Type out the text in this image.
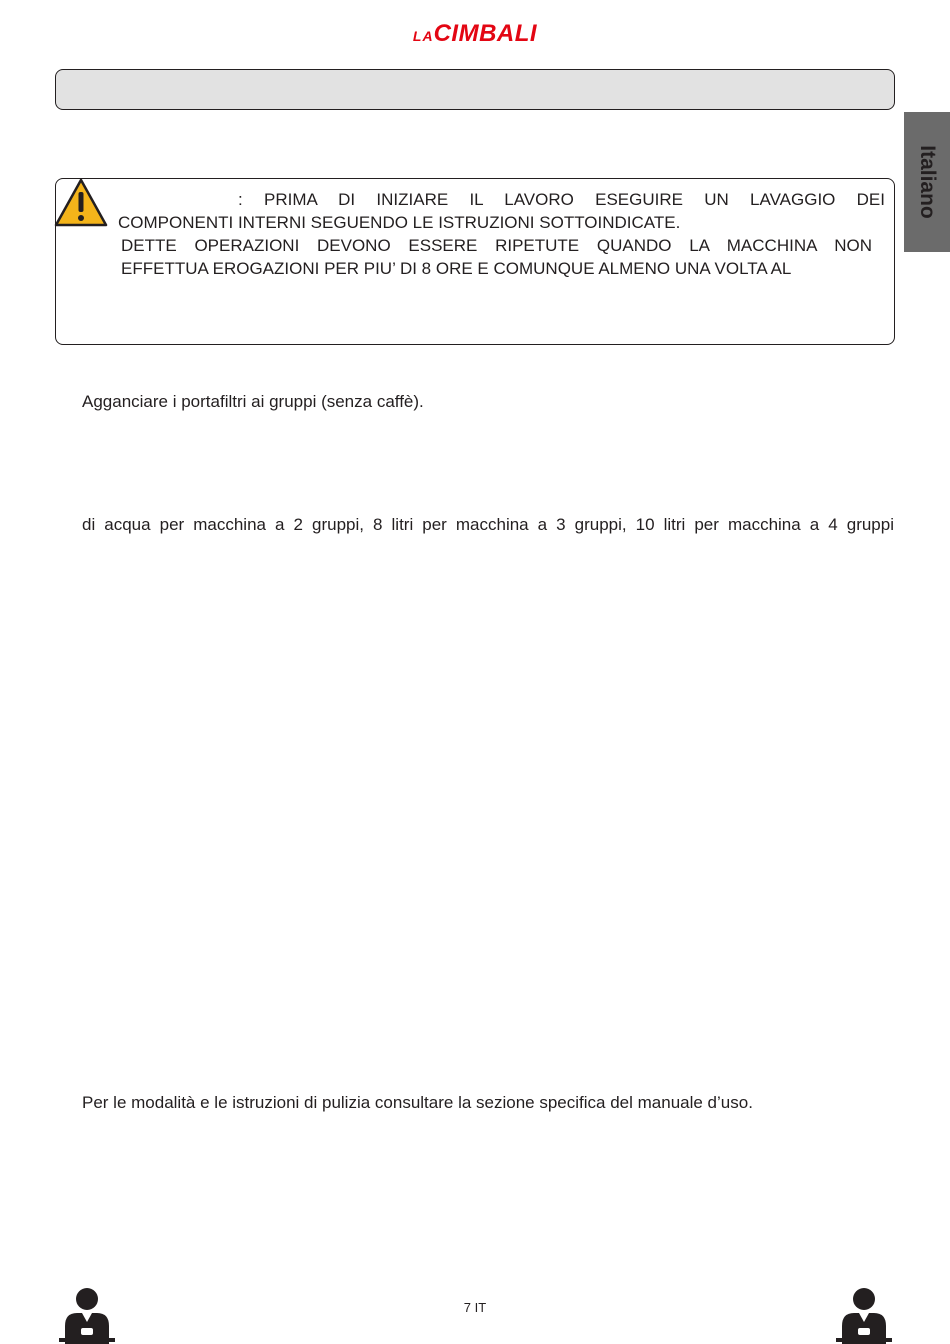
LACIMBALI
Italiano
: PRIMA DI INIZIARE IL LAVORO ESEGUIRE UN LAVAGGIO DEI
COMPONENTI INTERNI SEGUENDO LE ISTRUZIONI SOTTOINDICATE.
DETTE OPERAZIONI DEVONO ESSERE RIPETUTE QUANDO LA MACCHINA NON
EFFETTUA EROGAZIONI PER PIU’ DI 8 ORE E COMUNQUE ALMENO UNA VOLTA AL
Agganciare i portafiltri ai gruppi (senza caffè).
di acqua per macchina a 2 gruppi, 8 litri per macchina a 3 gruppi, 10 litri per macchina a 4 gruppi
Per le modalità e le istruzioni di pulizia consultare la sezione specifica del manuale d’uso.
7 IT
